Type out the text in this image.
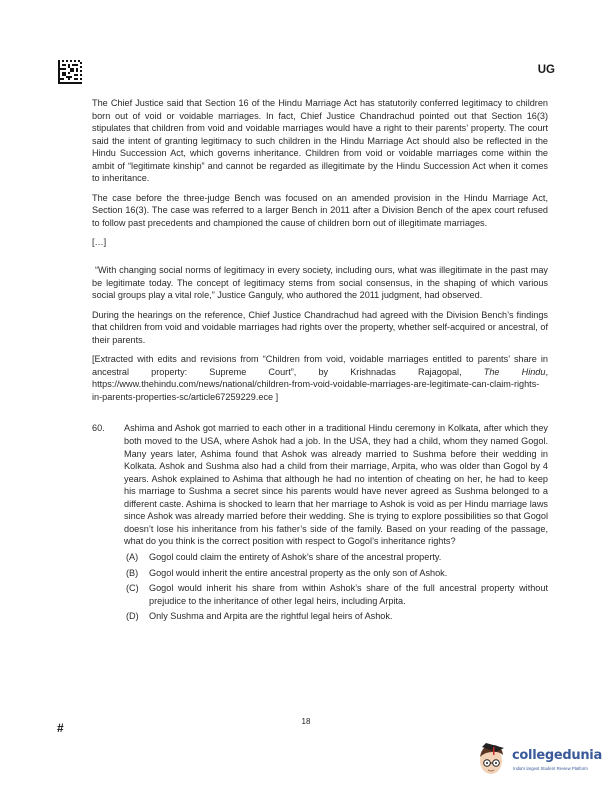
UG

The Chief Justice said that Section 16 of the Hindu Marriage Act has statutorily conferred legitimacy to children born out of void or voidable marriages. In fact, Chief Justice Chandrachud pointed out that Section 16(3) stipulates that children from void and voidable marriages would have a right to their parents’ property. The court said the intent of granting legitimacy to such children in the Hindu Marriage Act should also be reflected in the Hindu Succession Act, which governs inheritance. Children from void or voidable marriages come within the ambit of “legitimate kinship” and cannot be regarded as illegitimate by the Hindu Succession Act when it comes to inheritance.

The case before the three-judge Bench was focused on an amended provision in the Hindu Marriage Act, Section 16(3). The case was referred to a larger Bench in 2011 after a Division Bench of the apex court refused to follow past precedents and championed the cause of children born out of illegitimate marriages.

[…]

“With changing social norms of legitimacy in every society, including ours, what was illegitimate in the past may be legitimate today. The concept of legitimacy stems from social consensus, in the shaping of which various social groups play a vital role,” Justice Ganguly, who authored the 2011 judgment, had observed.

During the hearings on the reference, Chief Justice Chandrachud had agreed with the Division Bench’s findings that children from void and voidable marriages had rights over the property, whether self-acquired or ancestral, of their parents.

[Extracted with edits and revisions from “Children from void, voidable marriages entitled to parents’ share in ancestral property: Supreme Court”, by Krishnadas Rajagopal, The Hindu, https://www.thehindu.com/news/national/children-from-void-voidable-marriages-are-legitimate-can-claim-rights-in-parents-properties-sc/article67259229.ece ]

60.	Ashima and Ashok got married to each other in a traditional Hindu ceremony in Kolkata, after which they both moved to the USA, where Ashok had a job. In the USA, they had a child, whom they named Gogol. Many years later, Ashima found that Ashok was already married to Sushma before their wedding in Kolkata. Ashok and Sushma also had a child from their marriage, Arpita, who was older than Gogol by 4 years. Ashok explained to Ashima that although he had no intention of cheating on her, he had to keep his marriage to Sushma a secret since his parents would have never agreed as Sushma belonged to a different caste. Ashima is shocked to learn that her marriage to Ashok is void as per Hindu marriage laws since Ashok was already married before their wedding. She is trying to explore possibilities so that Gogol doesn’t lose his inheritance from his father’s side of the family. Based on your reading of the passage, what do you think is the correct position with respect to Gogol’s inheritance rights?

(A)	Gogol could claim the entirety of Ashok’s share of the ancestral property.
(B)	Gogol would inherit the entire ancestral property as the only son of Ashok.
(C)	Gogol would inherit his share from within Ashok’s share of the full ancestral property without prejudice to the inheritance of other legal heirs, including Arpita.
(D)	Only Sushma and Arpita are the rightful legal heirs of Ashok.
#	18
collegedunia
India's largest Student Review Platform
